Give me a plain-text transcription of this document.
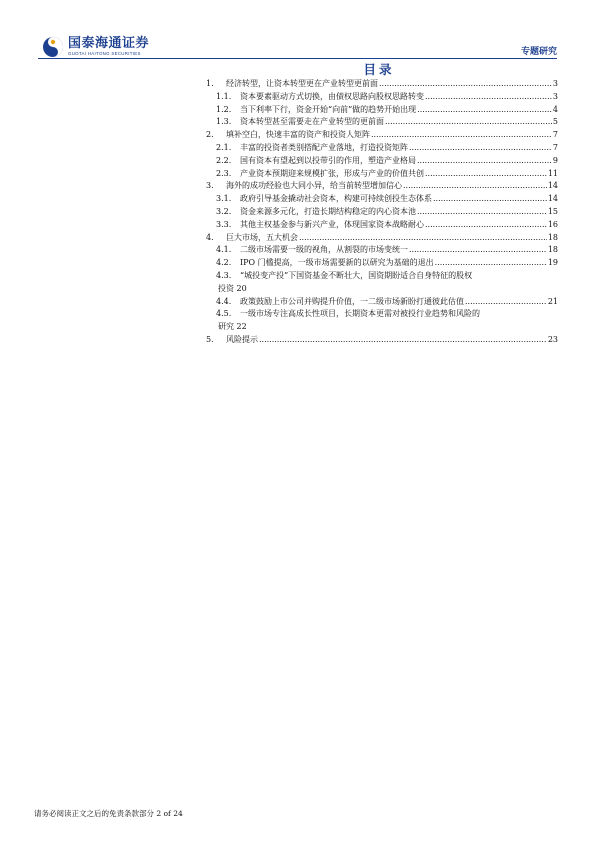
国泰海通证券
GUOTAI HAITONG SECURITIES	专题研究
目录
1.	经济转型，让资本转型更在产业转型更前面 .....	3
1.1.	资本要素驱动方式切换，由债权思路向股权思路转变 .....	3
1.2.	当下利率下行，资金开始“向前”做的趋势开始出现 .....	4
1.3.	资本转型甚至需要走在产业转型的更前面 .....	5
2.	填补空白，快速丰富的资产和投资人矩阵 .....	7
2.1.	丰富的投资者类别搭配产业落地，打造投资矩阵 .....	7
2.2.	国有资本有望起到以投带引的作用，塑造产业格局 .....	9
2.3.	产业资本预期迎来规模扩张，形成与产业的价值共创 .....	11
3.	海外的成功经验也大同小异，给当前转型增加信心 .....	14
3.1.	政府引导基金撬动社会资本，构建可持续创投生态体系 .....	14
3.2.	资金来源多元化，打造长期结构稳定的内心资本池 .....	15
3.3.	其他主权基金参与新兴产业，体现国家资本战略耐心 .....	16
4.	巨大市场，五大机会 .....	18
4.1.	二级市场需要一级的视角，从割裂的市场变统一 .....	18
4.2.	IPO 门槛提高，一级市场需要新的以研究为基础的退出 .....	19
4.3. “城投变产投”下国资基金不断壮大，国资期盼适合自身特征的股权
投资 20
4.4.	政策鼓励上市公司并购提升价值，一二级市场新盼打通彼此估值 .....	21
4.5. 一级市场专注高成长性项目，长期资本更需对被投行业趋势和风险的
研究 22
5.	风险提示 .....	23
请务必阅读正文之后的免责条款部分 2 of 24
